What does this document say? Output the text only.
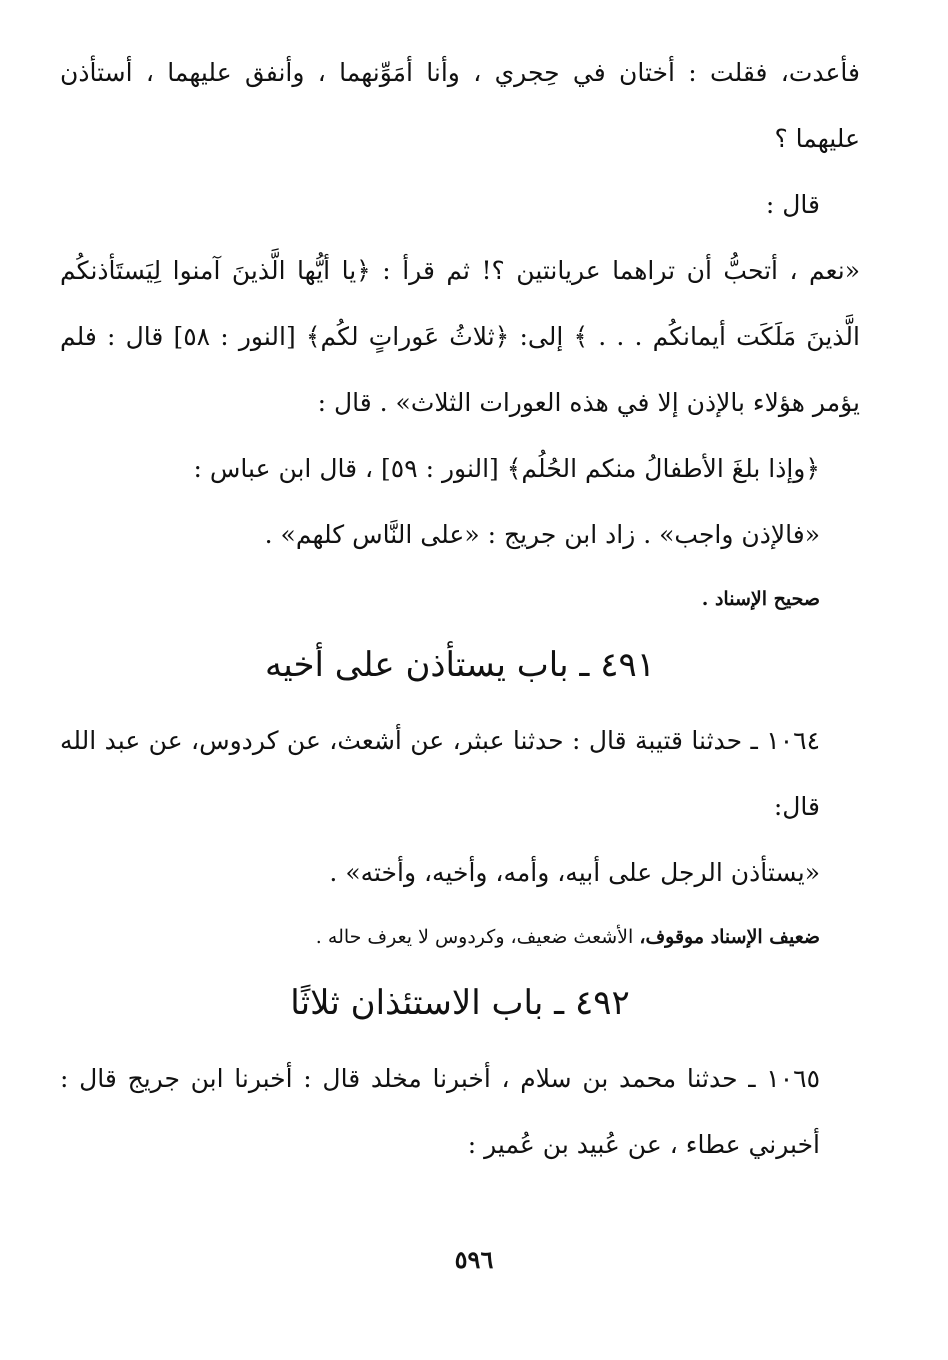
فأعدت، فقلت : أختان في حِجري ، وأنا أمَوِّنهما ، وأنفق عليهما ، أستأذن عليهما ؟

قال :

«نعم ، أتحبُّ أن تراهما عريانتين ؟! ثم قرأ : ﴿يا أيُّها الَّذينَ آمنوا لِيَستَأذنكُم الَّذينَ مَلَكَت أيمانكُم . . . ﴾ إلى: ﴿ثلاثُ عَوراتٍ لكُم﴾ [النور : ٥٨] قال : فلم يؤمر هؤلاء بالإذن إلا في هذه العورات الثلاث» . قال :

﴿وإذا بلغَ الأطفالُ منكم الحُلُم﴾ [النور : ٥٩] ، قال ابن عباس :

«فالإذن واجب» . زاد ابن جريج : «على النَّاس كلهم» .

صحيح الإسناد .

٤٩١ ـ باب يستأذن على أخيه

١٠٦٤ ـ حدثنا قتيبة قال : حدثنا عبثر، عن أشعث، عن كردوس، عن عبد الله قال:

«يستأذن الرجل على أبيه، وأمه، وأخيه، وأخته» .

ضعيف الإسناد موقوف، الأشعث ضعيف، وكردوس لا يعرف حاله .

٤٩٢ ـ باب الاستئذان ثلاثًا

١٠٦٥ ـ حدثنا محمد بن سلام ، أخبرنا مخلد قال : أخبرنا ابن جريج قال : أخبرني عطاء ، عن عُبيد بن عُمير :

٥٩٦
